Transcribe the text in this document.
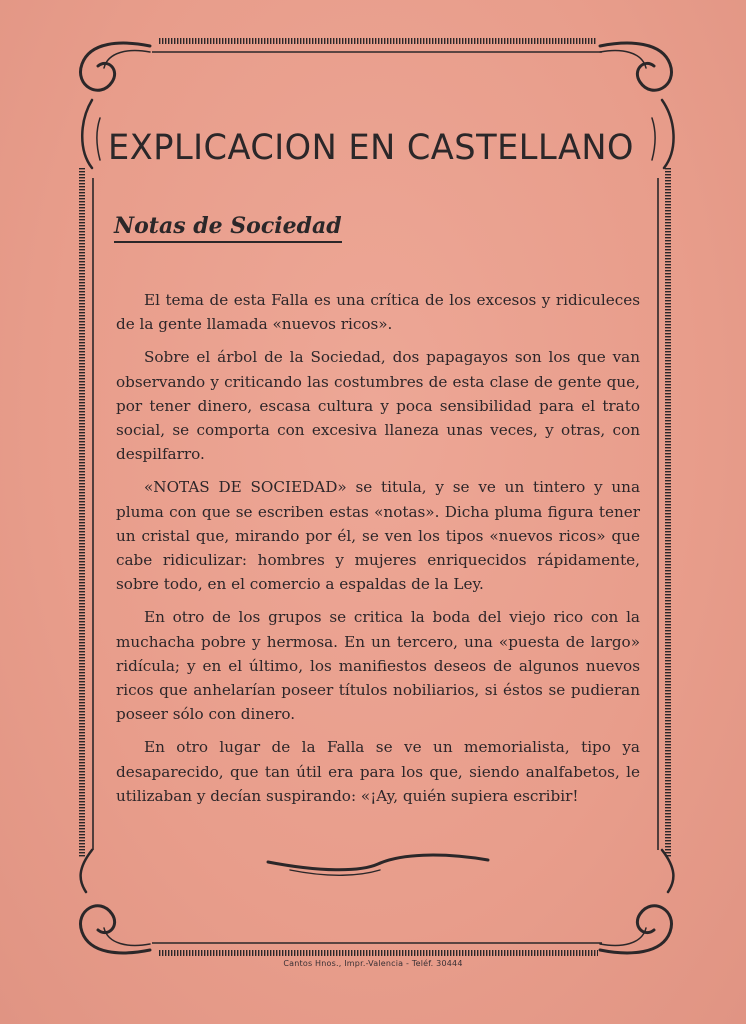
EXPLICACION EN CASTELLANO
Notas de Sociedad

El tema de esta Falla es una crítica de los excesos y ridiculeces de la gente llamada «nuevos ricos».

Sobre el árbol de la Sociedad, dos papagayos son los que van observando y criticando las costumbres de esta clase de gente que, por tener dinero, escasa cultura y poca sensibilidad para el trato social, se comporta con excesiva llaneza unas veces, y otras, con despilfarro.

«NOTAS DE SOCIEDAD» se titula, y se ve un tintero y una pluma con que se escriben estas «notas». Dicha pluma figura tener un cristal que, mirando por él, se ven los tipos «nuevos ricos» que cabe ridiculizar: hombres y mujeres enriquecidos rápidamente, sobre todo, en el comercio a espaldas de la Ley.

En otro de los grupos se critica la boda del viejo rico con la muchacha pobre y hermosa. En un tercero, una «puesta de largo» ridícula; y en el último, los manifiestos deseos de algunos nuevos ricos que anhelarían poseer títulos nobiliarios, si éstos se pudieran poseer sólo con dinero.

En otro lugar de la Falla se ve un memorialista, tipo ya desaparecido, que tan útil era para los que, siendo analfabetos, le utilizaban y decían suspirando: «¡Ay, quién supiera escribir!

Cantos Hnos., Impr.-Valencia - Teléf. 30444
